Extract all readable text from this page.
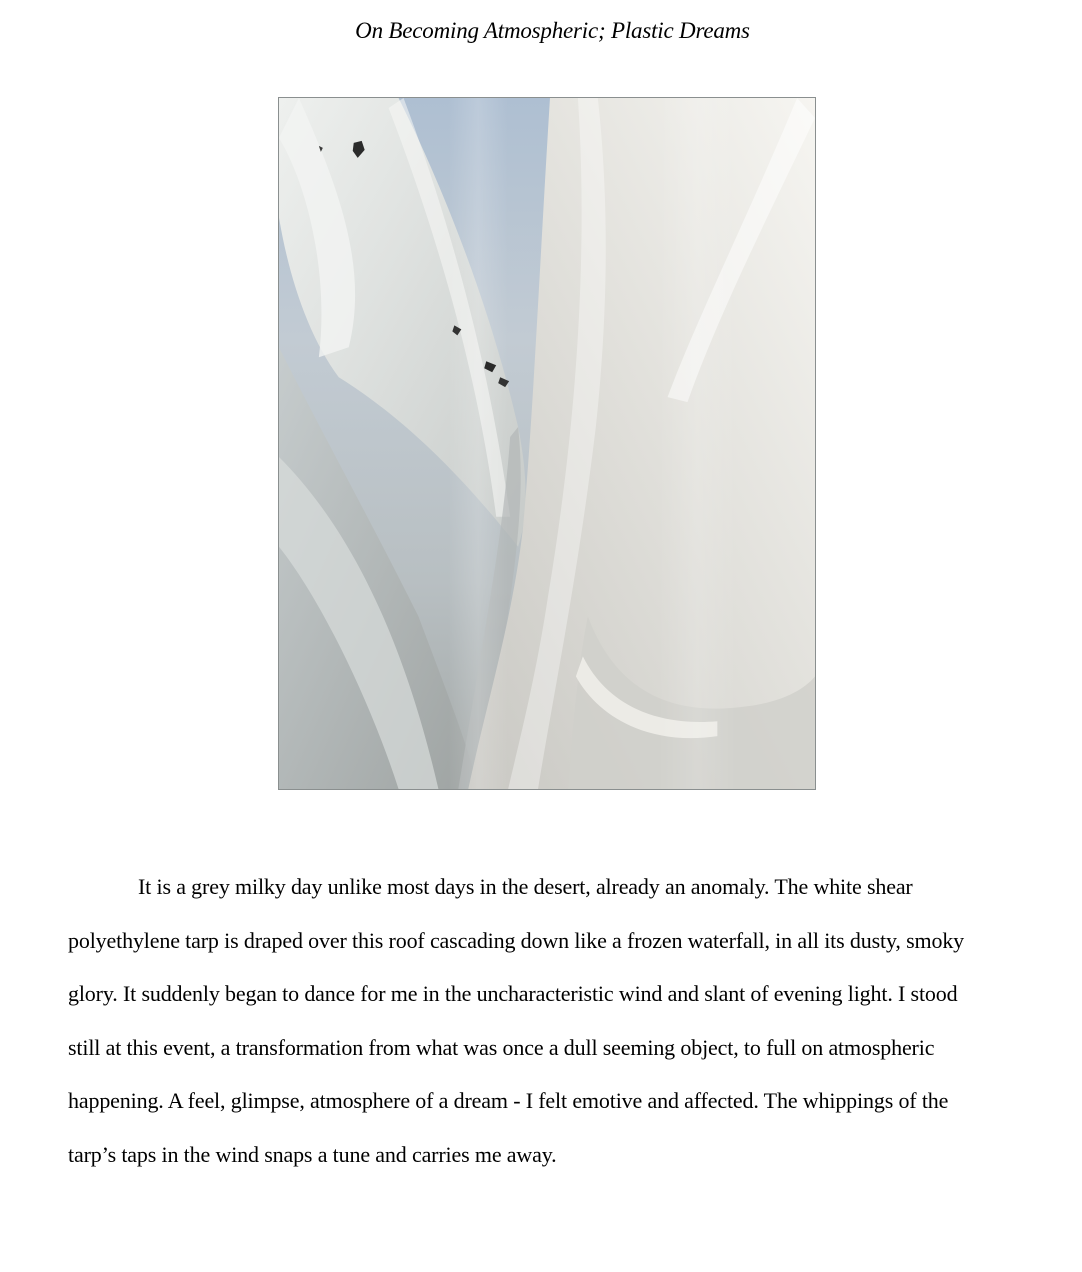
On Becoming Atmospheric; Plastic Dreams

It is a grey milky day unlike most days in the desert, already an anomaly. The white shear polyethylene tarp is draped over this roof cascading down like a frozen waterfall, in all its dusty, smoky glory. It suddenly began to dance for me in the uncharacteristic wind and slant of evening light. I stood still at this event, a transformation from what was once a dull seeming object, to full on atmospheric happening. A feel, glimpse, atmosphere of a dream - I felt emotive and affected. The whippings of the tarp’s taps in the wind snaps a tune and carries me away.
